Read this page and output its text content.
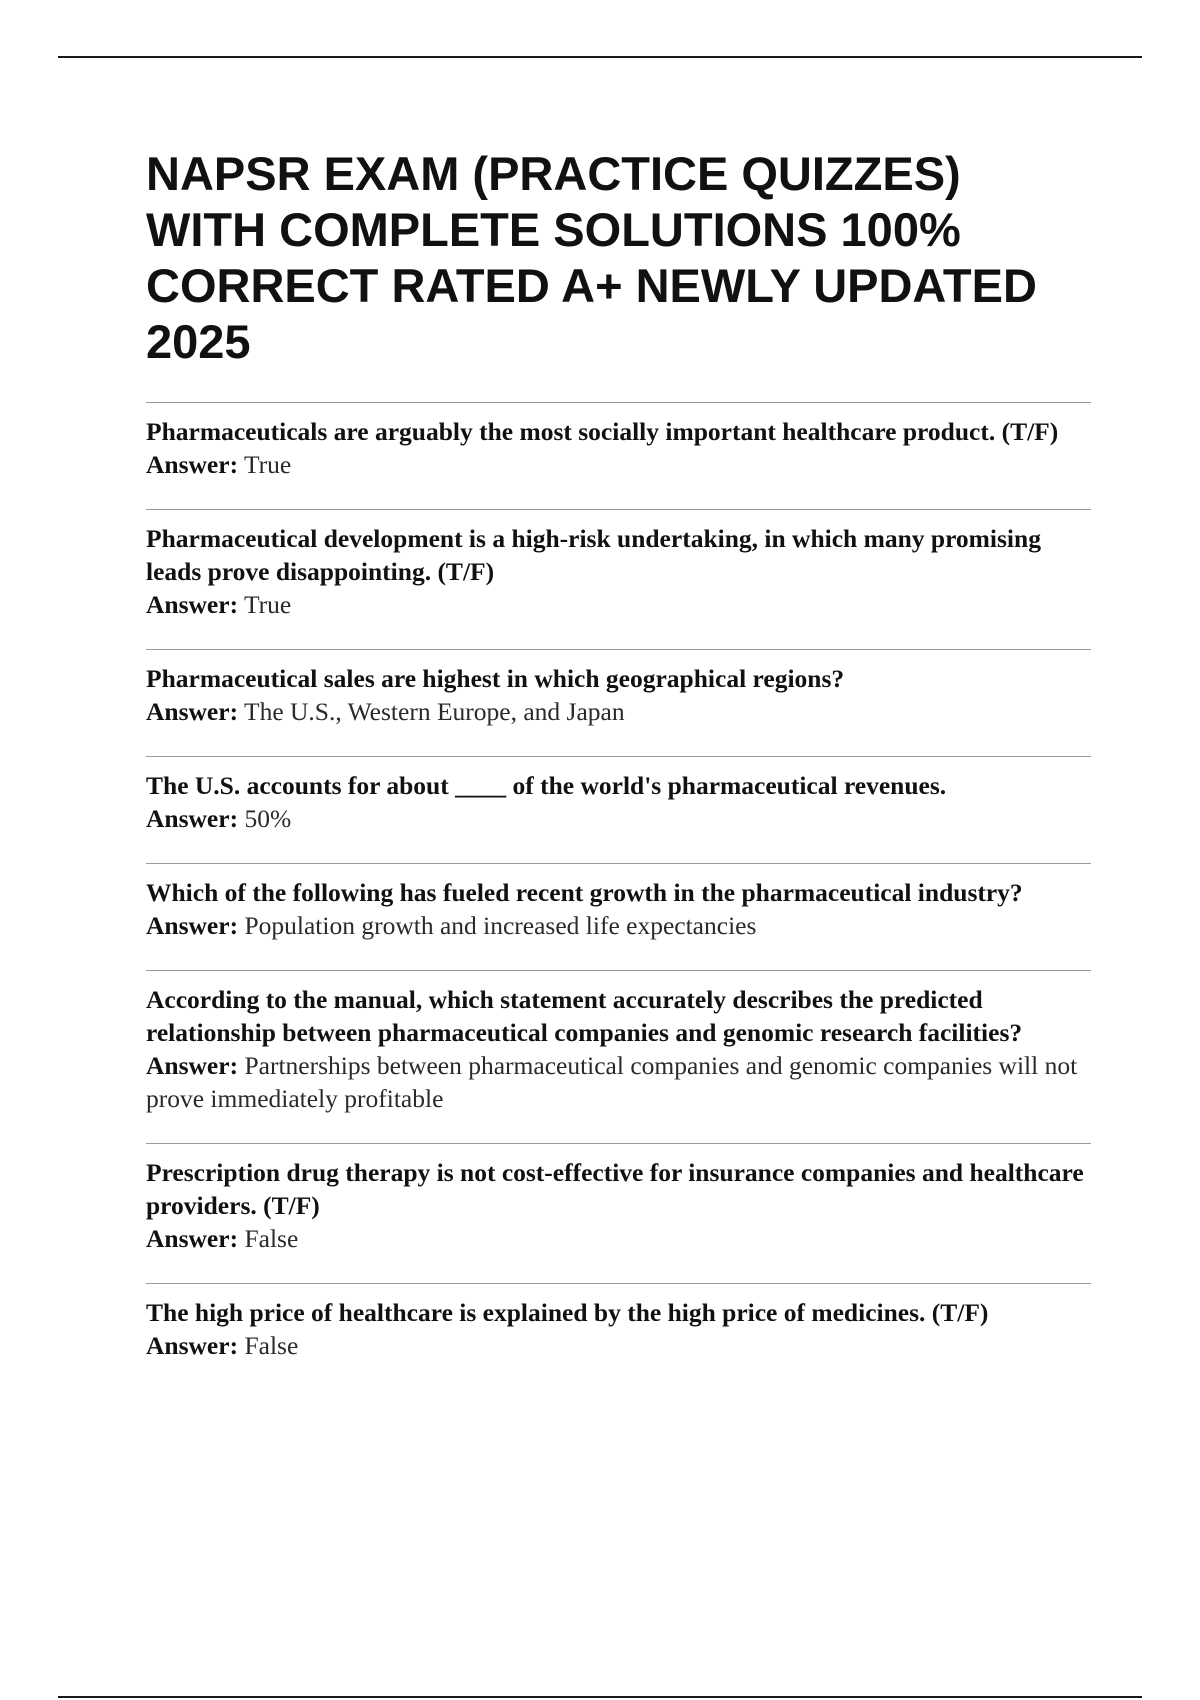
NAPSR EXAM (PRACTICE QUIZZES) WITH COMPLETE SOLUTIONS 100% CORRECT RATED A+ NEWLY UPDATED 2025

Pharmaceuticals are arguably the most socially important healthcare product. (T/F)

Answer: True

Pharmaceutical development is a high-risk undertaking, in which many promising leads prove disappointing. (T/F)

Answer: True

Pharmaceutical sales are highest in which geographical regions?

Answer: The U.S., Western Europe, and Japan

The U.S. accounts for about ____ of the world's pharmaceutical revenues.

Answer: 50%

Which of the following has fueled recent growth in the pharmaceutical industry?

Answer: Population growth and increased life expectancies

According to the manual, which statement accurately describes the predicted relationship between pharmaceutical companies and genomic research facilities?

Answer: Partnerships between pharmaceutical companies and genomic companies will not prove immediately profitable

Prescription drug therapy is not cost-effective for insurance companies and healthcare providers. (T/F)

Answer: False

The high price of healthcare is explained by the high price of medicines. (T/F)

Answer: False
